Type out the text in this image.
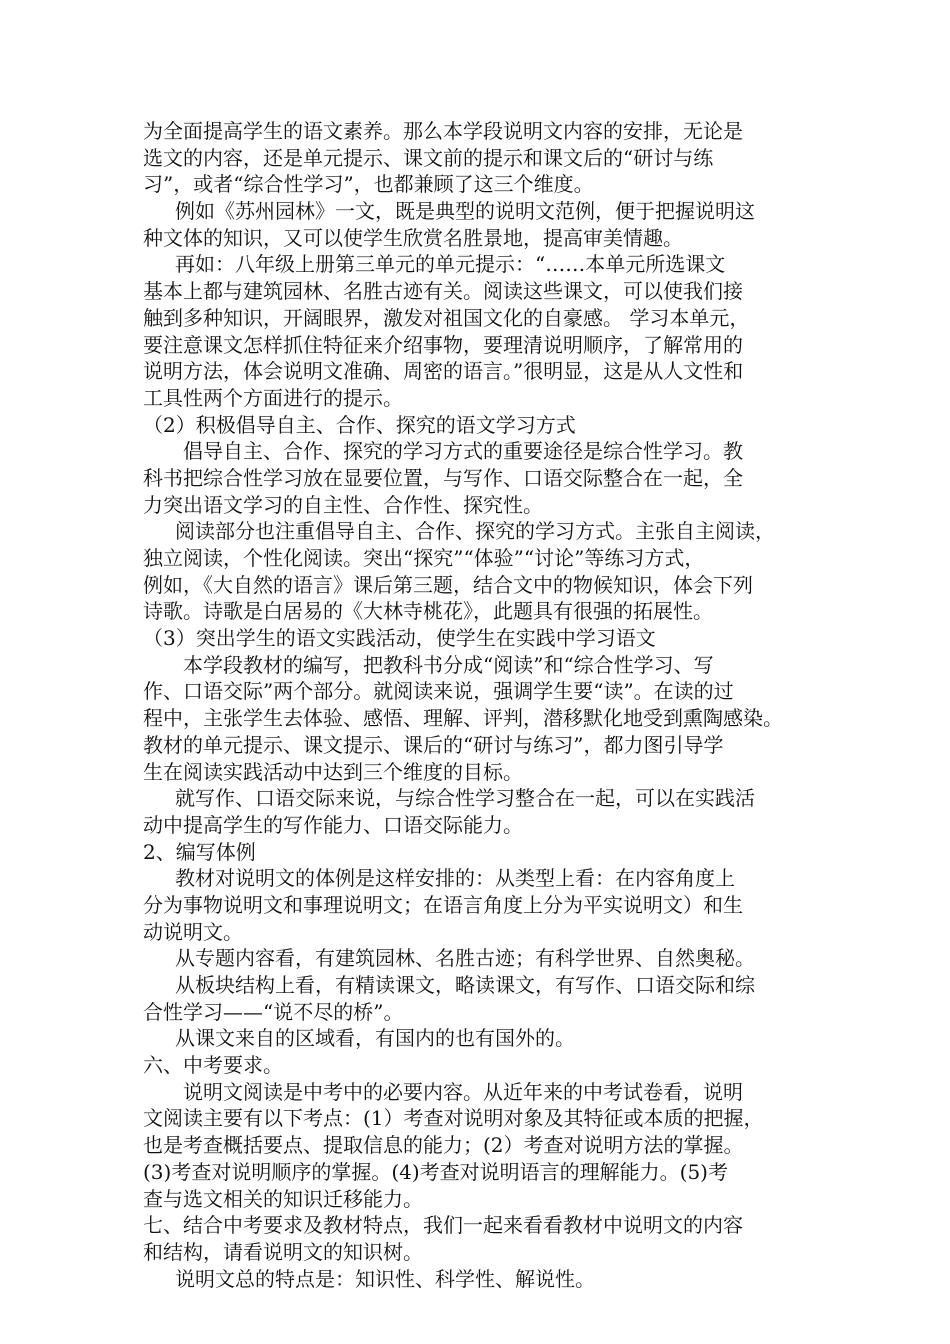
为全面提高学生的语文素养。那么本学段说明文内容的安排，无论是
选文的内容，还是单元提示、课文前的提示和课文后的“研讨与练
习”，或者“综合性学习”，也都兼顾了这三个维度。
例如《苏州园林》一文，既是典型的说明文范例，便于把握说明这
种文体的知识，又可以使学生欣赏名胜景地，提高审美情趣。
再如：八年级上册第三单元的单元提示：“……本单元所选课文
基本上都与建筑园林、名胜古迹有关。阅读这些课文，可以使我们接
触到多种知识，开阔眼界，激发对祖国文化的自豪感。 学习本单元，
要注意课文怎样抓住特征来介绍事物，要理清说明顺序，了解常用的
说明方法，体会说明文准确、周密的语言。”很明显，这是从人文性和
工具性两个方面进行的提示。
（2）积极倡导自主、合作、探究的语文学习方式
倡导自主、合作、探究的学习方式的重要途径是综合性学习。教
科书把综合性学习放在显要位置，与写作、口语交际整合在一起，全
力突出语文学习的自主性、合作性、探究性。
阅读部分也注重倡导自主、合作、探究的学习方式。主张自主阅读，
独立阅读，个性化阅读。突出“探究”“体验”“讨论”等练习方式，
例如，《大自然的语言》课后第三题，结合文中的物候知识，体会下列
诗歌。诗歌是白居易的《大林寺桃花》，此题具有很强的拓展性。
（3）突出学生的语文实践活动，使学生在实践中学习语文
本学段教材的编写，把教科书分成“阅读”和“综合性学习、写
作、口语交际”两个部分。就阅读来说，强调学生要“读”。在读的过
程中，主张学生去体验、感悟、理解、评判，潜移默化地受到熏陶感染。
教材的单元提示、课文提示、课后的“研讨与练习”，都力图引导学
生在阅读实践活动中达到三个维度的目标。
就写作、口语交际来说，与综合性学习整合在一起，可以在实践活
动中提高学生的写作能力、口语交际能力。
2、编写体例
教材对说明文的体例是这样安排的：从类型上看：在内容角度上
分为事物说明文和事理说明文；在语言角度上分为平实说明文）和生
动说明文。
从专题内容看，有建筑园林、名胜古迹；有科学世界、自然奥秘。
从板块结构上看，有精读课文，略读课文，有写作、口语交际和综
合性学习——“说不尽的桥”。
从课文来自的区域看，有国内的也有国外的。
六、中考要求。
说明文阅读是中考中的必要内容。从近年来的中考试卷看，说明
文阅读主要有以下考点：(1）考查对说明对象及其特征或本质的把握，
也是考查概括要点、提取信息的能力；(2）考查对说明方法的掌握。
(3)考查对说明顺序的掌握。(4)考查对说明语言的理解能力。(5)考
查与选文相关的知识迁移能力。
七、结合中考要求及教材特点，我们一起来看看教材中说明文的内容
和结构，请看说明文的知识树。
说明文总的特点是：知识性、科学性、解说性。
